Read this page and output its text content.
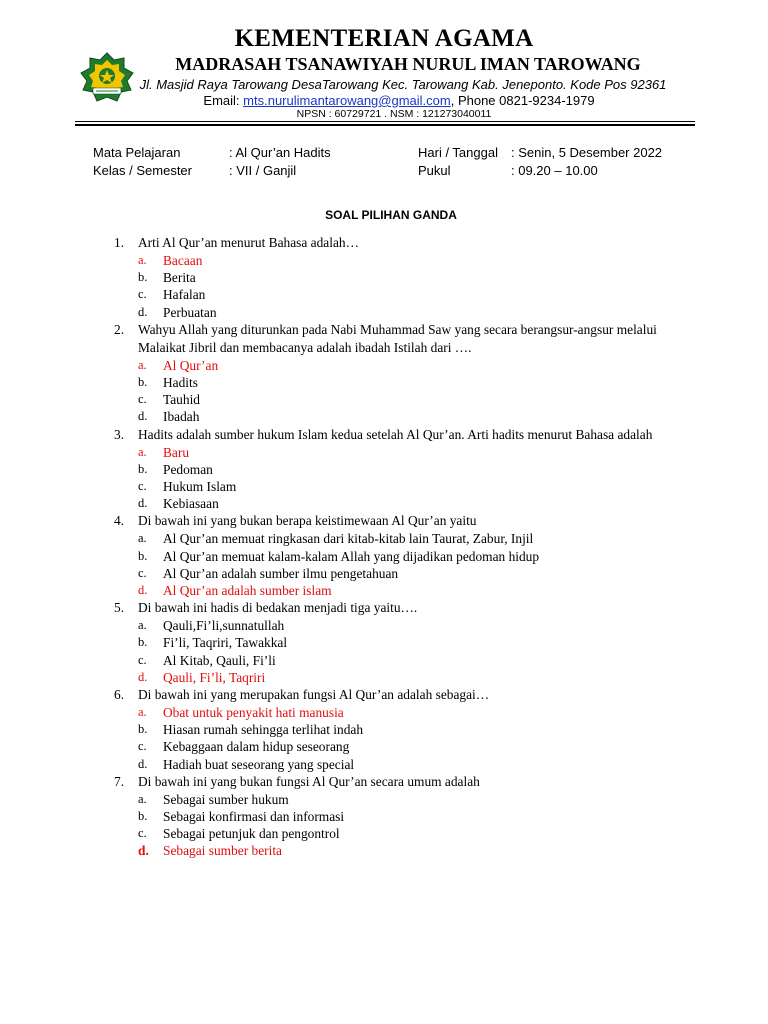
KEMENTERIAN AGAMA
MADRASAH TSANAWIYAH NURUL IMAN TAROWANG
Jl. Masjid Raya Tarowang DesaTarowang Kec. Tarowang Kab. Jeneponto. Kode Pos 92361
Email: mts.nurulimantarowang@gmail.com, Phone 0821-9234-1979
NPSN : 60729721 . NSM : 121273040011
Mata Pelajaran	: Al Qur’an Hadits	Hari / Tanggal : Senin, 5 Desember 2022
Kelas / Semester	: VII / Ganjil	Pukul	: 09.20 – 10.00
SOAL PILIHAN GANDA
1. Arti Al Qur’an menurut Bahasa adalah…
a. Bacaan
b. Berita
c. Hafalan
d. Perbuatan
2. Wahyu Allah yang diturunkan pada Nabi Muhammad Saw yang secara berangsur-angsur melalui Malaikat Jibril dan membacanya adalah ibadah Istilah dari ….
a. Al Qur’an
b. Hadits
c. Tauhid
d. Ibadah
3. Hadits adalah sumber hukum Islam kedua setelah Al Qur’an. Arti hadits menurut Bahasa adalah
a. Baru
b. Pedoman
c. Hukum Islam
d. Kebiasaan
4. Di bawah ini yang bukan berapa keistimewaan Al Qur’an yaitu
a. Al Qur’an memuat ringkasan dari kitab-kitab lain Taurat, Zabur, Injil
b. Al Qur’an memuat kalam-kalam Allah yang dijadikan pedoman hidup
c. Al Qur’an adalah sumber ilmu pengetahuan
d. Al Qur’an adalah sumber islam
5. Di bawah ini hadis di bedakan menjadi tiga yaitu….
a. Qauli,Fi’li,sunnatullah
b. Fi’li, Taqriri, Tawakkal
c. Al Kitab, Qauli, Fi’li
d. Qauli, Fi’li, Taqriri
6. Di bawah ini yang merupakan fungsi Al Qur’an adalah sebagai…
a. Obat untuk penyakit hati manusia
b. Hiasan rumah sehingga terlihat indah
c. Kebaggaan dalam hidup seseorang
d. Hadiah buat seseorang yang special
7. Di bawah ini yang bukan fungsi Al Qur’an secara umum adalah
a. Sebagai sumber hukum
b. Sebagai konfirmasi dan informasi
c. Sebagai petunjuk dan pengontrol
d. Sebagai sumber berita
